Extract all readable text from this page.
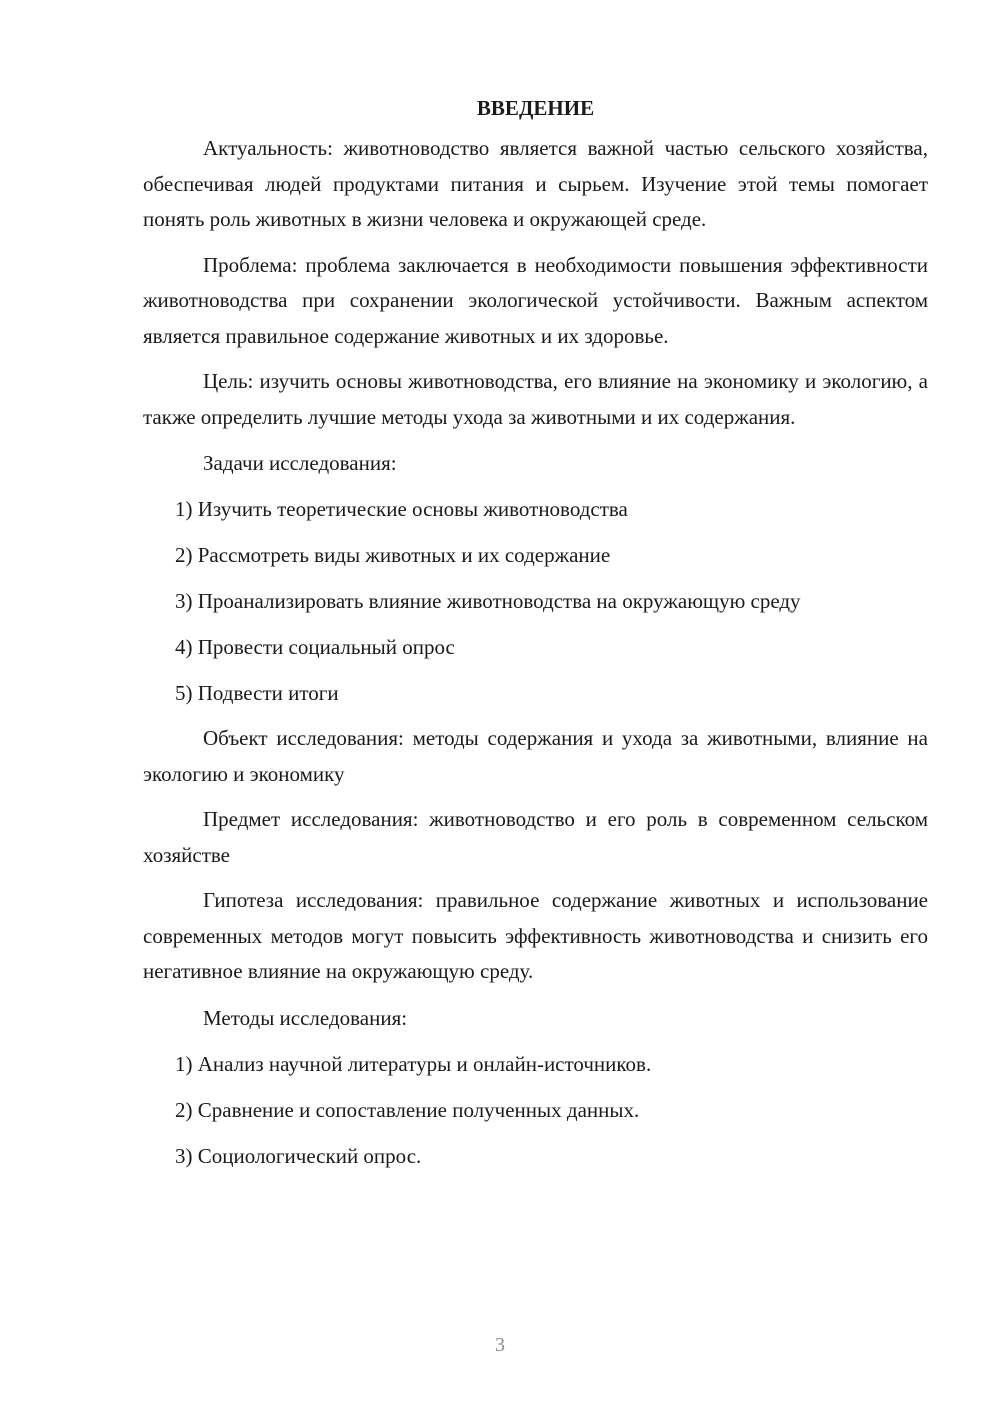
ВВЕДЕНИЕ

Актуальность: животноводство является важной частью сельского хозяйства, обеспечивая людей продуктами питания и сырьем. Изучение этой темы помогает понять роль животных в жизни человека и окружающей среде.

Проблема: проблема заключается в необходимости повышения эффективности животноводства при сохранении экологической устойчивости. Важным аспектом является правильное содержание животных и их здоровье.

Цель: изучить основы животноводства, его влияние на экономику и экологию, а также определить лучшие методы ухода за животными и их содержания.

Задачи исследования:

1) Изучить теоретические основы животноводства

2) Рассмотреть виды животных и их содержание

3) Проанализировать влияние животноводства на окружающую среду

4) Провести социальный опрос

5) Подвести итоги

Объект исследования: методы содержания и ухода за животными, влияние на экологию и экономику

Предмет исследования: животноводство и его роль в современном сельском хозяйстве

Гипотеза исследования: правильное содержание животных и использование современных методов могут повысить эффективность животноводства и снизить его негативное влияние на окружающую среду.

Методы исследования:

1) Анализ научной литературы и онлайн-источников.

2) Сравнение и сопоставление полученных данных.

3) Социологический опрос.

3
